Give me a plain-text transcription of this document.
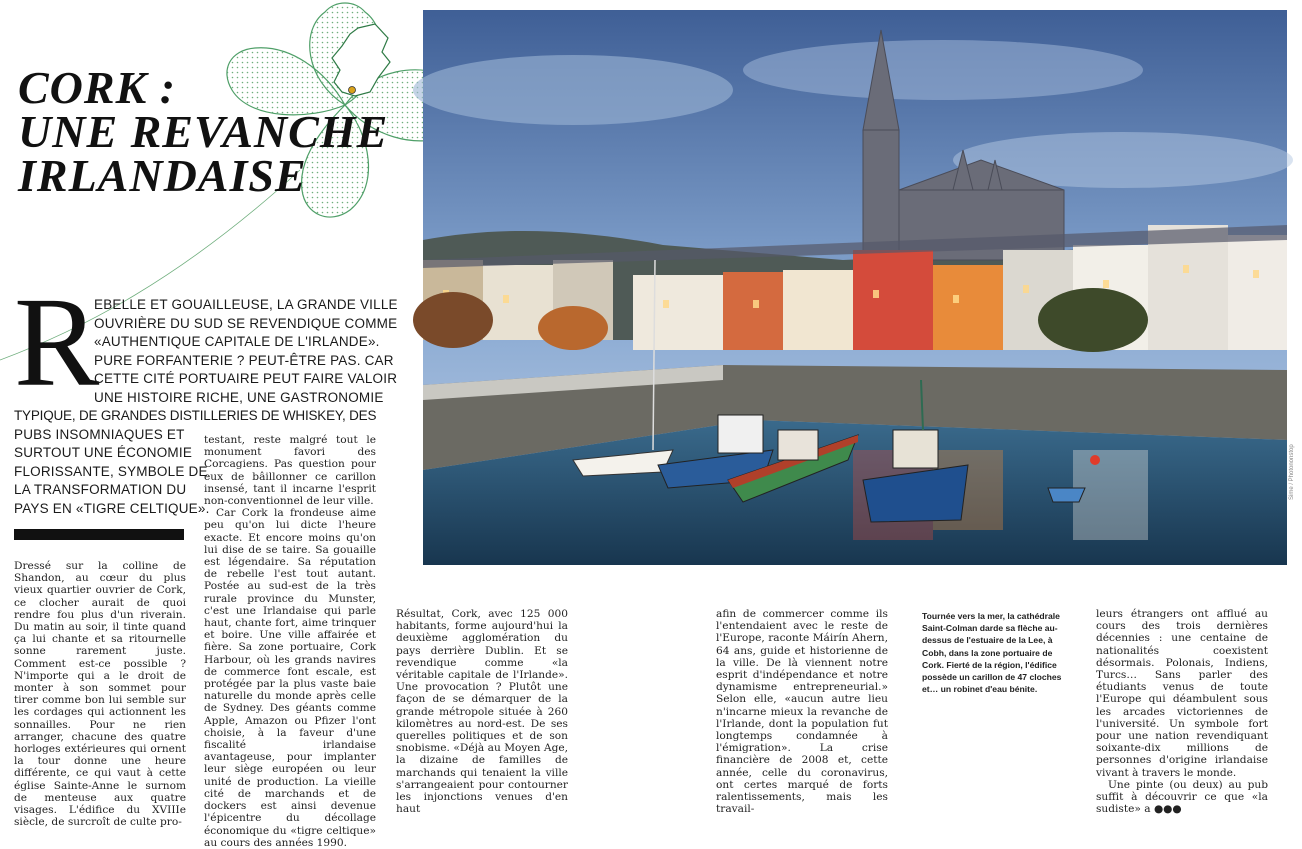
CORK :
UNE REVANCHE
IRLANDAISE
R
EBELLE ET GOUAILLEUSE, LA GRANDE VILLE
OUVRIÈRE DU SUD SE REVENDIQUE COMME
«AUTHENTIQUE CAPITALE DE L'IRLANDE».
PURE FORFANTERIE ? PEUT-ÊTRE PAS. CAR
CETTE CITÉ PORTUAIRE PEUT FAIRE VALOIR
UNE HISTOIRE RICHE, UNE GASTRONOMIE
TYPIQUE, DE GRANDES DISTILLERIES DE WHISKEY, DES
PUBS INSOMNIAQUES ET
SURTOUT UNE ÉCONOMIE
FLORISSANTE, SYMBOLE DE
LA TRANSFORMATION DU
PAYS EN «TIGRE CELTIQUE».
Sime / Photononstop

Dressé sur la colline de Shandon, au cœur du plus vieux quartier ouvrier de Cork, ce clocher aurait de quoi rendre fou plus d'un riverain. Du matin au soir, il tinte quand ça lui chante et sa ritournelle sonne rarement juste. Comment est-ce possible ? N'importe qui a le droit de monter à son sommet pour tirer comme bon lui semble sur les cordages qui actionnent les sonnailles. Pour ne rien arranger, chacune des quatre horloges extérieures qui ornent la tour donne une heure différente, ce qui vaut à cette église Sainte-Anne le surnom de menteuse aux quatre visages. L'édifice du XVIIIe siècle, de surcroît de culte pro-

testant, reste malgré tout le monument favori des Corcagiens. Pas question pour eux de bâillonner ce carillon insensé, tant il incarne l'esprit non-conventionnel de leur ville.

Car Cork la frondeuse aime peu qu'on lui dicte l'heure exacte. Et encore moins qu'on lui dise de se taire. Sa gouaille est légendaire. Sa réputation de rebelle l'est tout autant. Postée au sud-est de la très rurale province du Munster, c'est une Irlandaise qui parle haut, chante fort, aime trinquer et boire. Une ville affairée et fière. Sa zone portuaire, Cork Harbour, où les grands navires de commerce font escale, est protégée par la plus vaste baie naturelle du monde après celle de Sydney. Des géants comme Apple, Amazon ou Pfizer l'ont choisie, à la faveur d'une fiscalité irlandaise avantageuse, pour implanter leur siège européen ou leur unité de production. La vieille cité de marchands et de dockers est ainsi devenue l'épicentre du décollage économique du «tigre celtique» au cours des années 1990.

Résultat, Cork, avec 125 000 habitants, forme aujourd'hui la deuxième agglomération du pays derrière Dublin. Et se revendique comme «la véritable capitale de l'Irlande». Une provocation ? Plutôt une façon de se démarquer de la grande métropole située à 260 kilomètres au nord-est. De ses querelles politiques et de son snobisme. «Déjà au Moyen Age, la dizaine de familles de marchands qui tenaient la ville s'arrangeaient pour contourner les injonctions venues d'en haut

afin de commercer comme ils l'entendaient avec le reste de l'Europe, raconte Máirín Ahern, 64 ans, guide et historienne de la ville. De là viennent notre esprit d'indépendance et notre dynamisme entrepreneurial.» Selon elle, «aucun autre lieu n'incarne mieux la revanche de l'Irlande, dont la population fut longtemps condamnée à l'émigration». La crise financière de 2008 et, cette année, celle du coronavirus, ont certes marqué de forts ralentissements, mais les travail-

Tournée vers la mer, la cathédrale Saint-Colman darde sa flèche au-dessus de l'estuaire de la Lee, à Cobh, dans la zone portuaire de Cork. Fierté de la région, l'édifice possède un carillon de 47 cloches et… un robinet d'eau bénite.

leurs étrangers ont afflué au cours des trois dernières décennies : une centaine de nationalités coexistent désormais. Polonais, Indiens, Turcs… Sans parler des étudiants venus de toute l'Europe qui déambulent sous les arcades victoriennes de l'université. Un symbole fort pour une nation revendiquant soixante-dix millions de personnes d'origine irlandaise vivant à travers le monde.

Une pinte (ou deux) au pub suffit à découvrir ce que «la sudiste» a ●●●
